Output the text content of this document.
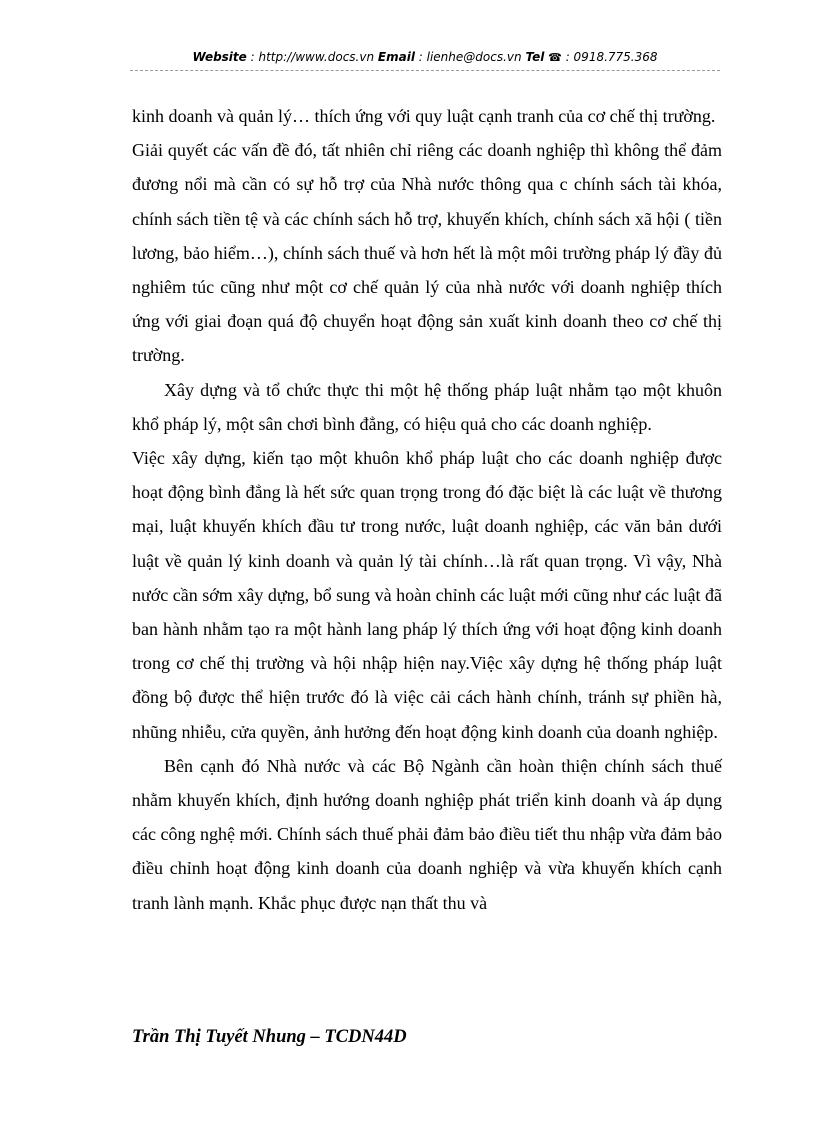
Website : http://www.docs.vn Email : lienhe@docs.vn Tel ☎ : 0918.775.368

kinh doanh và quản lý… thích ứng với quy luật cạnh tranh của cơ chế thị trường.

Giải quyết các vấn đề đó, tất nhiên chỉ riêng các doanh nghiệp thì không thể đảm đương nổi mà cần có sự hỗ trợ của Nhà nước thông qua c chính sách tài khóa, chính sách tiền tệ và các chính sách hỗ trợ, khuyến khích, chính sách xã hội ( tiền lương, bảo hiểm…), chính sách thuế và hơn hết là một môi trường pháp lý đầy đủ nghiêm túc cũng như một cơ chế quản lý của nhà nước với doanh nghiệp thích ứng với giai đoạn quá độ chuyển hoạt động sản xuất kinh doanh theo cơ chế thị trường.

Xây dựng và tổ chức thực thi một hệ thống pháp luật nhằm tạo một khuôn khổ pháp lý, một sân chơi bình đẳng, có hiệu quả cho các doanh nghiệp.

Việc xây dựng, kiến tạo một khuôn khổ pháp luật cho các doanh nghiệp được hoạt động bình đẳng là hết sức quan trọng trong đó đặc biệt là các luật về thương mại, luật khuyến khích đầu tư trong nước, luật doanh nghiệp, các văn bản dưới luật về quản lý kinh doanh và quản lý tài chính…là rất quan trọng. Vì vậy, Nhà nước cần sớm xây dựng, bổ sung và hoàn chỉnh các luật mới cũng như các luật đã ban hành nhằm tạo ra một hành lang pháp lý thích ứng với hoạt động kinh doanh trong cơ chế thị trường và hội nhập hiện nay.Việc xây dựng hệ thống pháp luật đồng bộ được thể hiện trước đó là việc cải cách hành chính, tránh sự phiền hà, nhũng nhiễu, cửa quyền, ảnh hưởng đến hoạt động kinh doanh của doanh nghiệp.

Bên cạnh đó Nhà nước và các Bộ Ngành cần hoàn thiện chính sách thuế nhằm khuyến khích, định hướng doanh nghiệp phát triển kinh doanh và áp dụng các công nghệ mới. Chính sách thuế phải đảm bảo điều tiết thu nhập vừa đảm bảo điều chỉnh hoạt động kinh doanh của doanh nghiệp và vừa khuyến khích cạnh tranh lành mạnh. Khắc phục được nạn thất thu và

Trần Thị Tuyết Nhung – TCDN44D
